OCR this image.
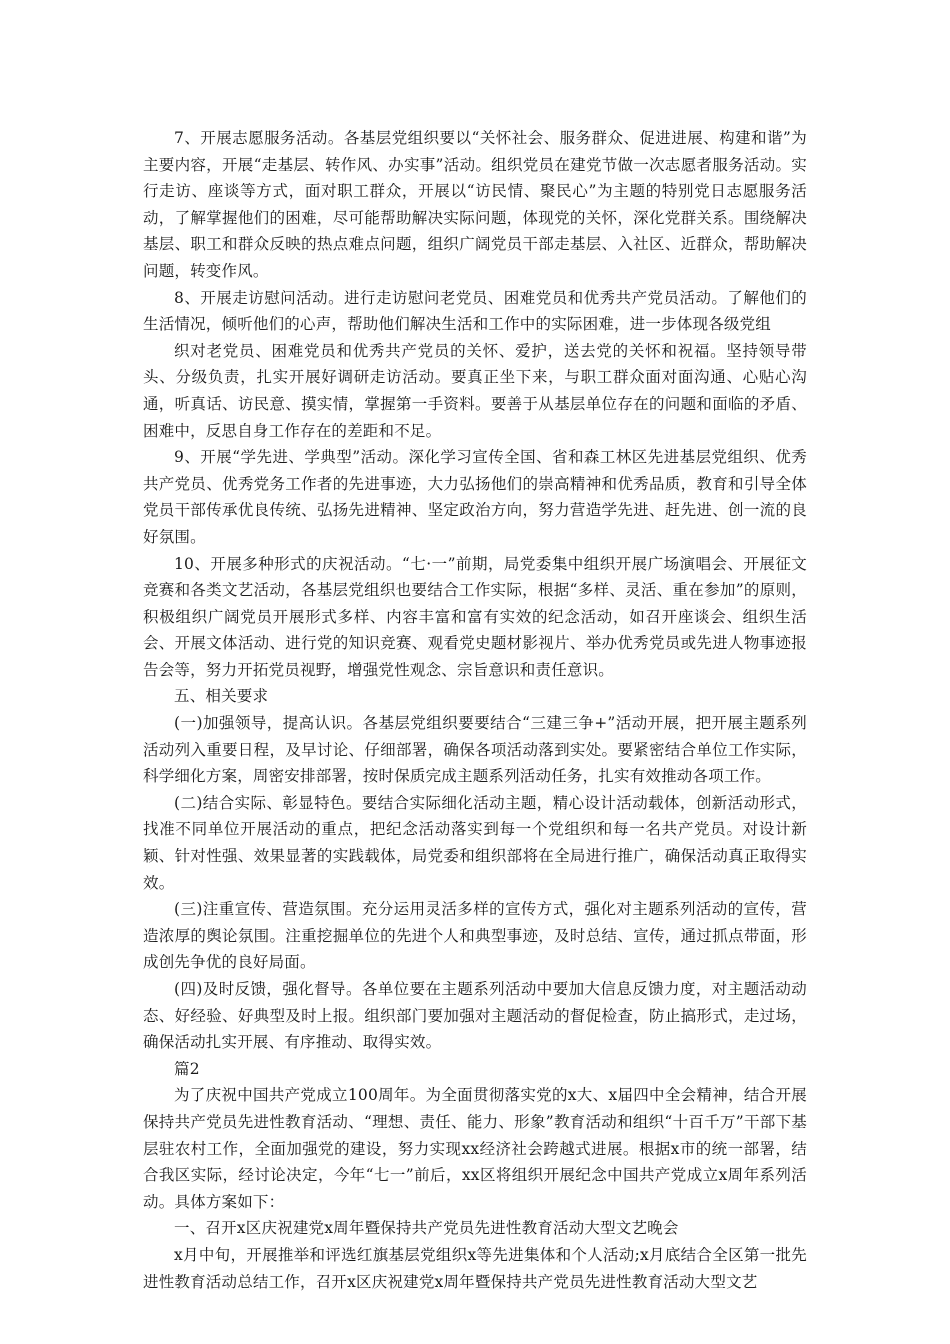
7、开展志愿服务活动。各基层党组织要以“关怀社会、服务群众、促进进展、构建和谐”为主要内容，开展“走基层、转作风、办实事”活动。组织党员在建党节做一次志愿者服务活动。实行走访、座谈等方式，面对职工群众，开展以“访民情、聚民心”为主题的特别党日志愿服务活动，了解掌握他们的困难，尽可能帮助解决实际问题，体现党的关怀，深化党群关系。围绕解决基层、职工和群众反映的热点难点问题，组织广阔党员干部走基层、入社区、近群众，帮助解决问题，转变作风。

8、开展走访慰问活动。进行走访慰问老党员、困难党员和优秀共产党员活动。了解他们的生活情况，倾听他们的心声，帮助他们解决生活和工作中的实际困难，进一步体现各级党组

织对老党员、困难党员和优秀共产党员的关怀、爱护，送去党的关怀和祝福。坚持领导带头、分级负责，扎实开展好调研走访活动。要真正坐下来，与职工群众面对面沟通、心贴心沟通，听真话、访民意、摸实情，掌握第一手资料。要善于从基层单位存在的问题和面临的矛盾、困难中，反思自身工作存在的差距和不足。

9、开展“学先进、学典型”活动。深化学习宣传全国、省和森工林区先进基层党组织、优秀共产党员、优秀党务工作者的先进事迹，大力弘扬他们的崇高精神和优秀品质，教育和引导全体党员干部传承优良传统、弘扬先进精神、坚定政治方向，努力营造学先进、赶先进、创一流的良好氛围。

10、开展多种形式的庆祝活动。“七·一”前期，局党委集中组织开展广场演唱会、开展征文竞赛和各类文艺活动，各基层党组织也要结合工作实际，根据“多样、灵活、重在参加”的原则，积极组织广阔党员开展形式多样、内容丰富和富有实效的纪念活动，如召开座谈会、组织生活会、开展文体活动、进行党的知识竞赛、观看党史题材影视片、举办优秀党员或先进人物事迹报告会等，努力开拓党员视野，增强党性观念、宗旨意识和责任意识。

五、相关要求

(一)加强领导，提高认识。各基层党组织要要结合“三建三争+”活动开展，把开展主题系列活动列入重要日程，及早讨论、仔细部署，确保各项活动落到实处。要紧密结合单位工作实际，科学细化方案，周密安排部署，按时保质完成主题系列活动任务，扎实有效推动各项工作。

(二)结合实际、彰显特色。要结合实际细化活动主题，精心设计活动载体，创新活动形式，找准不同单位开展活动的重点，把纪念活动落实到每一个党组织和每一名共产党员。对设计新颖、针对性强、效果显著的实践载体，局党委和组织部将在全局进行推广，确保活动真正取得实效。

(三)注重宣传、营造氛围。充分运用灵活多样的宣传方式，强化对主题系列活动的宣传，营造浓厚的舆论氛围。注重挖掘单位的先进个人和典型事迹，及时总结、宣传，通过抓点带面，形成创先争优的良好局面。

(四)及时反馈，强化督导。各单位要在主题系列活动中要加大信息反馈力度，对主题活动动态、好经验、好典型及时上报。组织部门要加强对主题活动的督促检查，防止搞形式，走过场，确保活动扎实开展、有序推动、取得实效。

篇2

为了庆祝中国共产党成立100周年。为全面贯彻落实党的x大、x届四中全会精神，结合开展保持共产党员先进性教育活动、“理想、责任、能力、形象”教育活动和组织“十百千万”干部下基层驻农村工作，全面加强党的建设，努力实现xx经济社会跨越式进展。根据x市的统一部署，结合我区实际，经讨论决定，今年“七一”前后，xx区将组织开展纪念中国共产党成立x周年系列活动。具体方案如下：

一、召开x区庆祝建党x周年暨保持共产党员先进性教育活动大型文艺晚会

x月中旬，开展推举和评选红旗基层党组织x等先进集体和个人活动;x月底结合全区第一批先进性教育活动总结工作，召开x区庆祝建党x周年暨保持共产党员先进性教育活动大型文艺
